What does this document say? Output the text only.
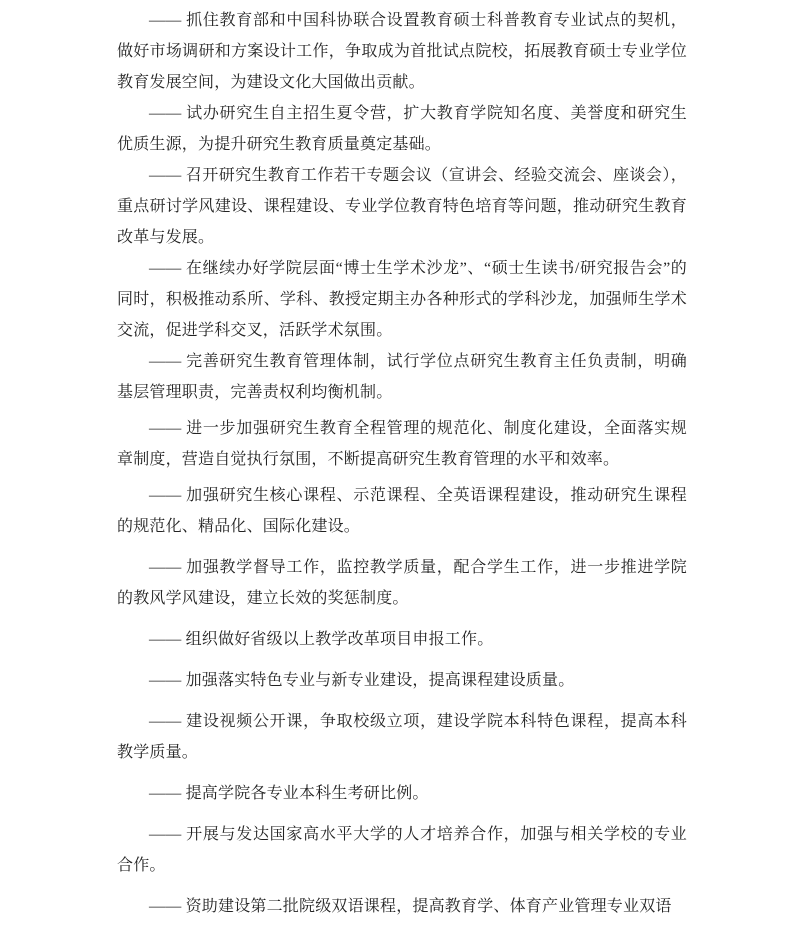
—— 抓住教育部和中国科协联合设置教育硕士科普教育专业试点的契机，做好市场调研和方案设计工作，争取成为首批试点院校，拓展教育硕士专业学位教育发展空间，为建设文化大国做出贡献。

—— 试办研究生自主招生夏令营，扩大教育学院知名度、美誉度和研究生优质生源，为提升研究生教育质量奠定基础。

—— 召开研究生教育工作若干专题会议（宣讲会、经验交流会、座谈会），重点研讨学风建设、课程建设、专业学位教育特色培育等问题，推动研究生教育改革与发展。

—— 在继续办好学院层面“博士生学术沙龙”、“硕士生读书/研究报告会”的同时，积极推动系所、学科、教授定期主办各种形式的学科沙龙，加强师生学术交流，促进学科交叉，活跃学术氛围。

—— 完善研究生教育管理体制，试行学位点研究生教育主任负责制，明确基层管理职责，完善责权利均衡机制。

—— 进一步加强研究生教育全程管理的规范化、制度化建设，全面落实规章制度，营造自觉执行氛围，不断提高研究生教育管理的水平和效率。

—— 加强研究生核心课程、示范课程、全英语课程建设，推动研究生课程的规范化、精品化、国际化建设。

—— 加强教学督导工作，监控教学质量，配合学生工作，进一步推进学院的教风学风建设，建立长效的奖惩制度。

—— 组织做好省级以上教学改革项目申报工作。

—— 加强落实特色专业与新专业建设，提高课程建设质量。

—— 建设视频公开课，争取校级立项，建设学院本科特色课程，提高本科教学质量。

—— 提高学院各专业本科生考研比例。

—— 开展与发达国家高水平大学的人才培养合作，加强与相关学校的专业合作。

—— 资助建设第二批院级双语课程，提高教育学、体育产业管理专业双语
